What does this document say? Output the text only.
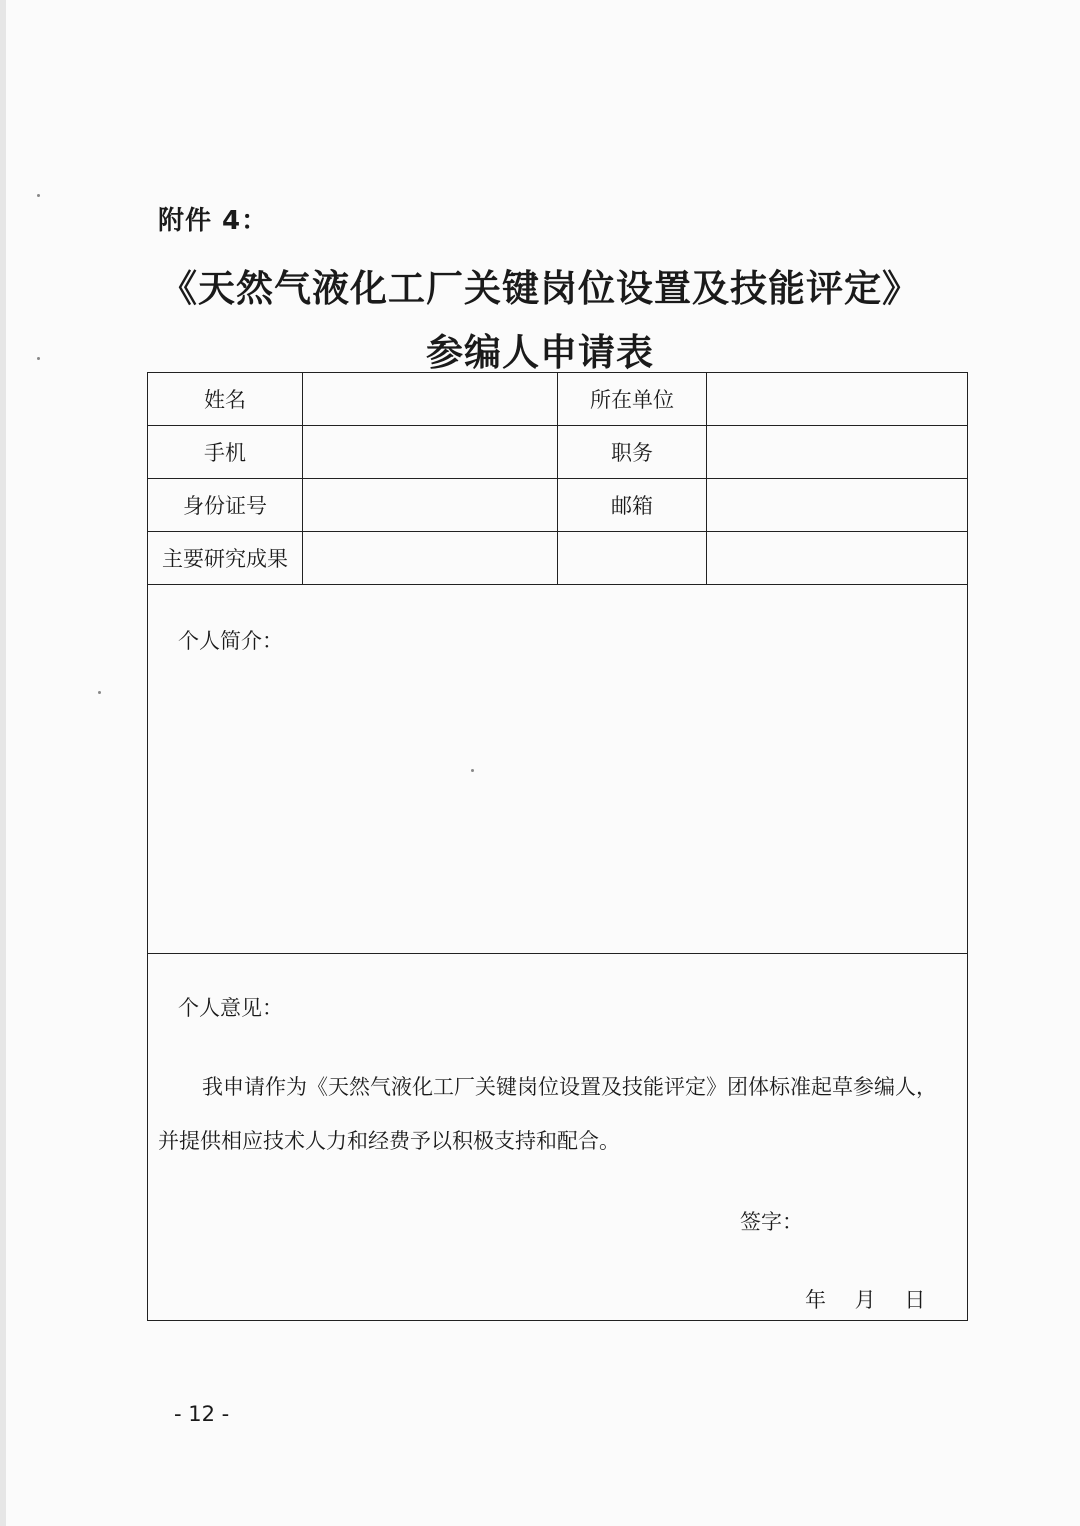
附件 4：
《天然气液化工厂关键岗位设置及技能评定》
参编人申请表
姓名		所在单位	
手机		职务	
身份证号		邮箱	
主要研究成果			

个人简介：			

个人意见：
我申请作为《天然气液化工厂关键岗位设置及技能评定》团体标准起草参编人，并提供相应技术人力和经费予以积极支持和配合。
签字：
年 月 日			
- 12 -
